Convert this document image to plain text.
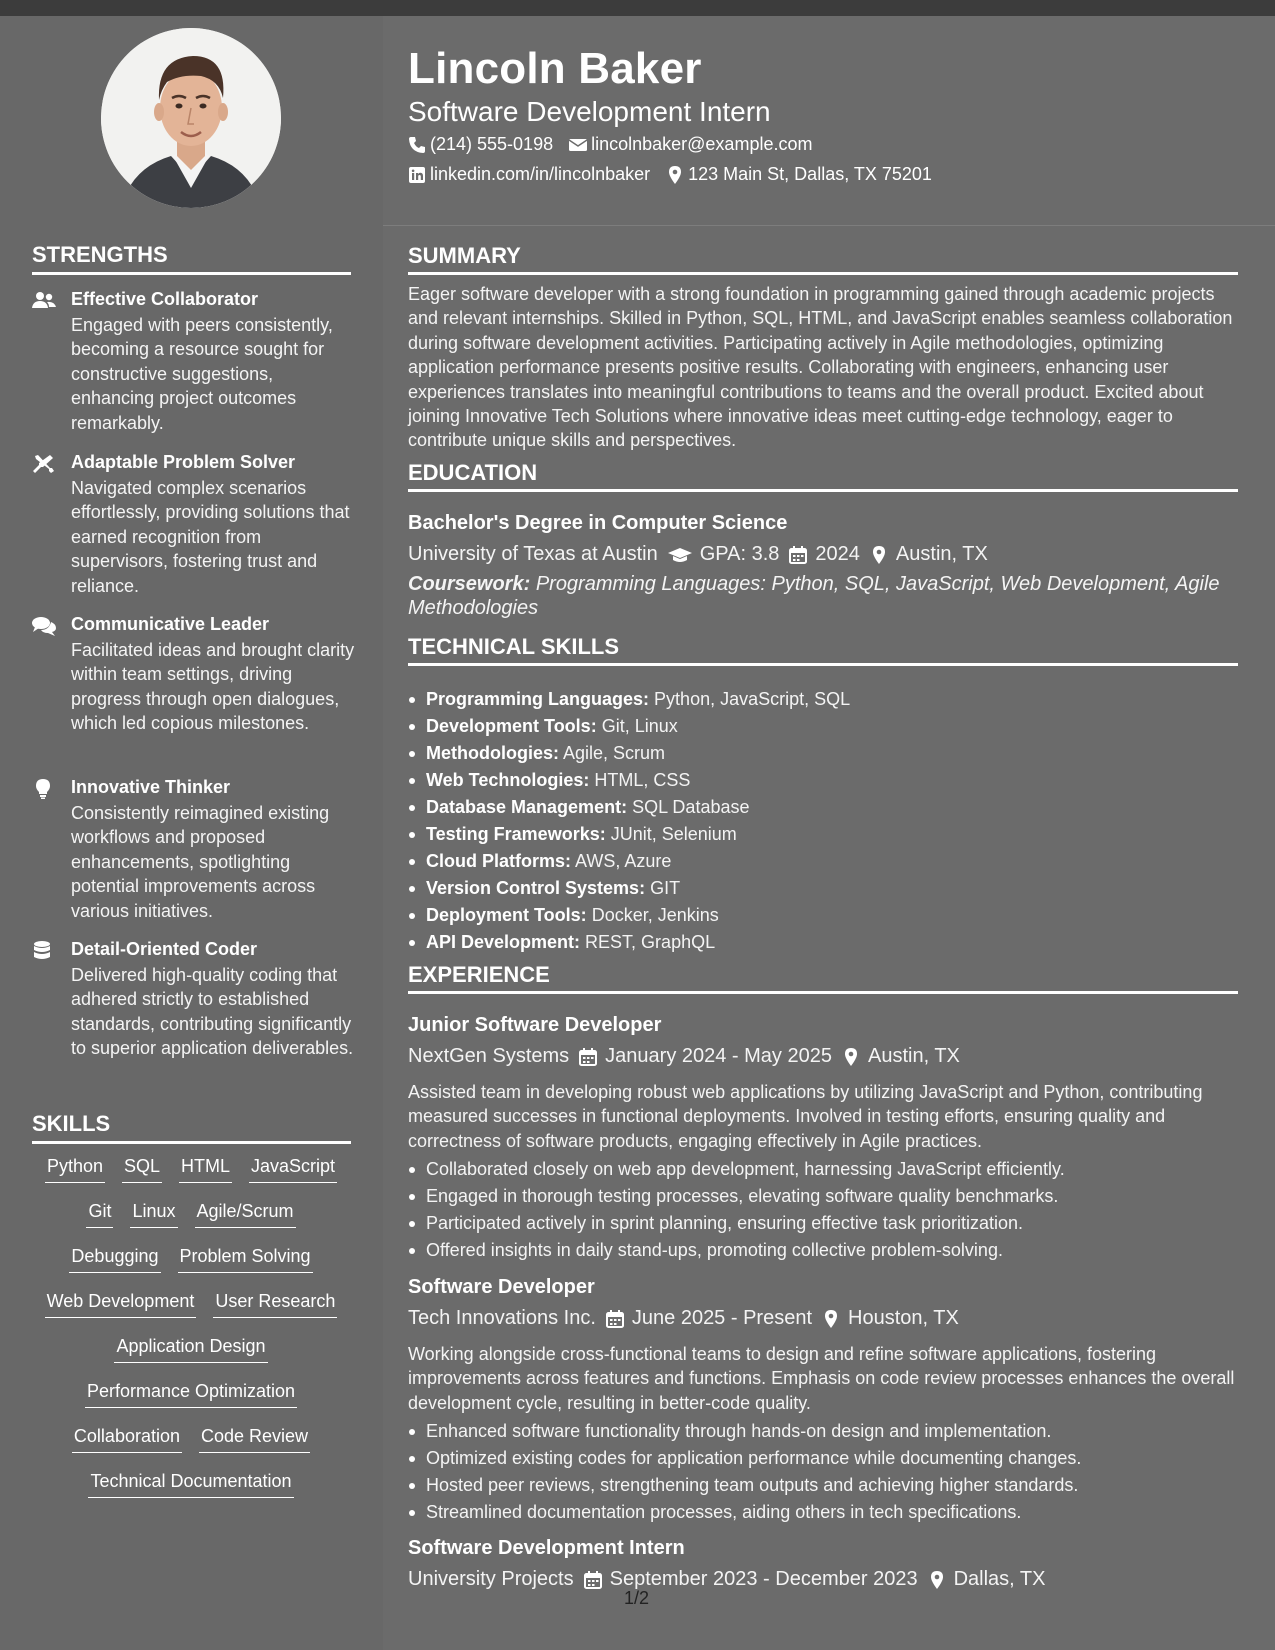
STRENGTHS
Effective Collaborator
Engaged with peers consistently, becoming a resource sought for constructive suggestions, enhancing project outcomes remarkably.
Adaptable Problem Solver
Navigated complex scenarios effortlessly, providing solutions that earned recognition from supervisors, fostering trust and reliance.
Communicative Leader
Facilitated ideas and brought clarity within team settings, driving progress through open dialogues, which led copious milestones.
Innovative Thinker
Consistently reimagined existing workflows and proposed enhancements, spotlighting potential improvements across various initiatives.
Detail-Oriented Coder
Delivered high-quality coding that adhered strictly to established standards, contributing significantly to superior application deliverables.
SKILLS
Python SQL HTML JavaScript
Git Linux Agile/Scrum
Debugging Problem Solving
Web Development User Research
Application Design
Performance Optimization
Collaboration Code Review
Technical Documentation
Lincoln Baker
Software Development Intern
(214) 555-0198 lincolnbaker@example.com
linkedin.com/in/lincolnbaker 123 Main St, Dallas, TX 75201
SUMMARY
Eager software developer with a strong foundation in programming gained through academic projects and relevant internships. Skilled in Python, SQL, HTML, and JavaScript enables seamless collaboration during software development activities. Participating actively in Agile methodologies, optimizing application performance presents positive results. Collaborating with engineers, enhancing user experiences translates into meaningful contributions to teams and the overall product. Excited about joining Innovative Tech Solutions where innovative ideas meet cutting-edge technology, eager to contribute unique skills and perspectives.
EDUCATION
Bachelor's Degree in Computer Science
University of Texas at Austin GPA: 3.8 2024 Austin, TX
Coursework: Programming Languages: Python, SQL, JavaScript, Web Development, Agile Methodologies
TECHNICAL SKILLS
Programming Languages: Python, JavaScript, SQL
Development Tools: Git, Linux
Methodologies: Agile, Scrum
Web Technologies: HTML, CSS
Database Management: SQL Database
Testing Frameworks: JUnit, Selenium
Cloud Platforms: AWS, Azure
Version Control Systems: GIT
Deployment Tools: Docker, Jenkins
API Development: REST, GraphQL
EXPERIENCE
Junior Software Developer
NextGen Systems January 2024 - May 2025 Austin, TX
Assisted team in developing robust web applications by utilizing JavaScript and Python, contributing measured successes in functional deployments. Involved in testing efforts, ensuring quality and correctness of software products, engaging effectively in Agile practices.
Collaborated closely on web app development, harnessing JavaScript efficiently.
Engaged in thorough testing processes, elevating software quality benchmarks.
Participated actively in sprint planning, ensuring effective task prioritization.
Offered insights in daily stand-ups, promoting collective problem-solving.
Software Developer
Tech Innovations Inc. June 2025 - Present Houston, TX
Working alongside cross-functional teams to design and refine software applications, fostering improvements across features and functions. Emphasis on code review processes enhances the overall development cycle, resulting in better-code quality.
Enhanced software functionality through hands-on design and implementation.
Optimized existing codes for application performance while documenting changes.
Hosted peer reviews, strengthening team outputs and achieving higher standards.
Streamlined documentation processes, aiding others in tech specifications.
Software Development Intern
University Projects September 2023 - December 2023 Dallas, TX
1/2
